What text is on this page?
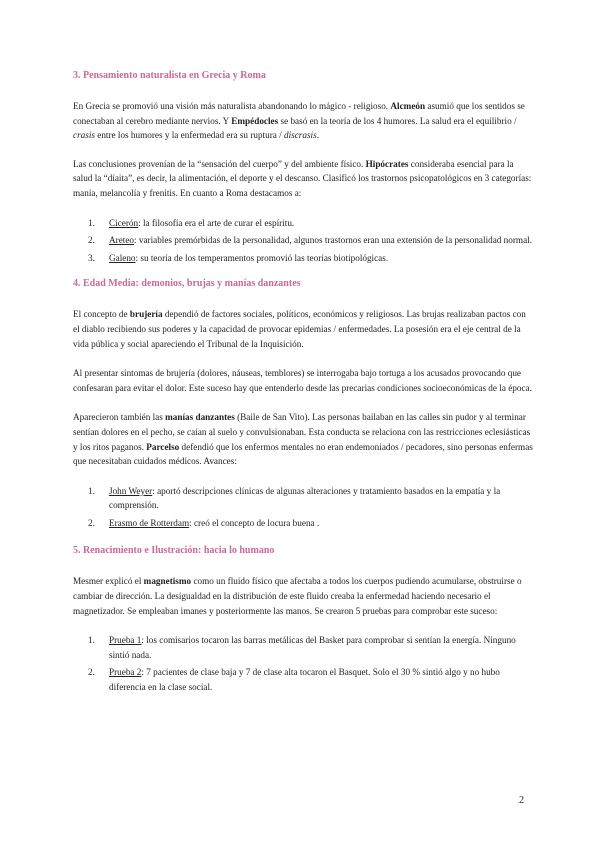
3. Pensamiento naturalista en Grecia y Roma

En Grecia se promovió una visión más naturalista abandonando lo mágico - religioso. Alcmeón asumió que los sentidos se conectaban al cerebro mediante nervios. Y Empédocles se basó en la teoría de los 4 humores. La salud era el equilibrio / crasis entre los humores y la enfermedad era su ruptura / discrasis.

Las conclusiones provenían de la “sensación del cuerpo” y del ambiente físico. Hipócrates consideraba esencial para la salud la “díaita”, es decir, la alimentación, el deporte y el descanso. Clasificó los trastornos psicopatológicos en 3 categorías: manía, melancolía y frenitis. En cuanto a Roma destacamos a:

1. Cicerón: la filosofía era el arte de curar el espíritu.
2. Areteo: variables premórbidas de la personalidad, algunos trastornos eran una extensión de la personalidad normal.
3. Galeno: su teoría de los temperamentos promovió las teorías biotipológicas.
4. Edad Media: demonios, brujas y manías danzantes

El concepto de brujería dependió de factores sociales, políticos, económicos y religiosos. Las brujas realizaban pactos con el diablo recibiendo sus poderes y la capacidad de provocar epidemias / enfermedades. La posesión era el eje central de la vida pública y social apareciendo el Tribunal de la Inquisición.

Al presentar síntomas de brujería (dolores, náuseas, temblores) se interrogaba bajo tortuga a los acusados provocando que confesaran para evitar el dolor. Este suceso hay que entenderlo desde las precarias condiciones socioeconómicas de la época.

Aparecieron también las manías danzantes (Baile de San Vito). Las personas bailaban en las calles sin pudor y al terminar sentían dolores en el pecho, se caían al suelo y convulsionaban. Esta conducta se relaciona con las restricciones eclesiásticas y los ritos paganos. Parcelso defendió que los enfermos mentales no eran endemoniados / pecadores, sino personas enfermas que necesitaban cuidados médicos. Avances:

1. John Weyer: aportó descripciones clínicas de algunas alteraciones y tratamiento basados en la empatía y la comprensión.
2. Erasmo de Rotterdam: creó el concepto de locura buena .
5. Renacimiento e Ilustración: hacia lo humano

Mesmer explicó el magnetismo como un fluido físico que afectaba a todos los cuerpos pudiendo acumularse, obstruirse o cambiar de dirección. La desigualdad en la distribución de este fluido creaba la enfermedad haciendo necesario el magnetizador. Se empleaban imanes y posteriormente las manos. Se crearon 5 pruebas para comprobar este suceso:

1. Prueba 1: los comisarios tocaron las barras metálicas del Basket para comprobar si sentían la energía. Ninguno sintió nada.
2. Prueba 2: 7 pacientes de clase baja y 7 de clase alta tocaron el Basquet. Solo el 30 % sintió algo y no hubo diferencia en la clase social.
2
